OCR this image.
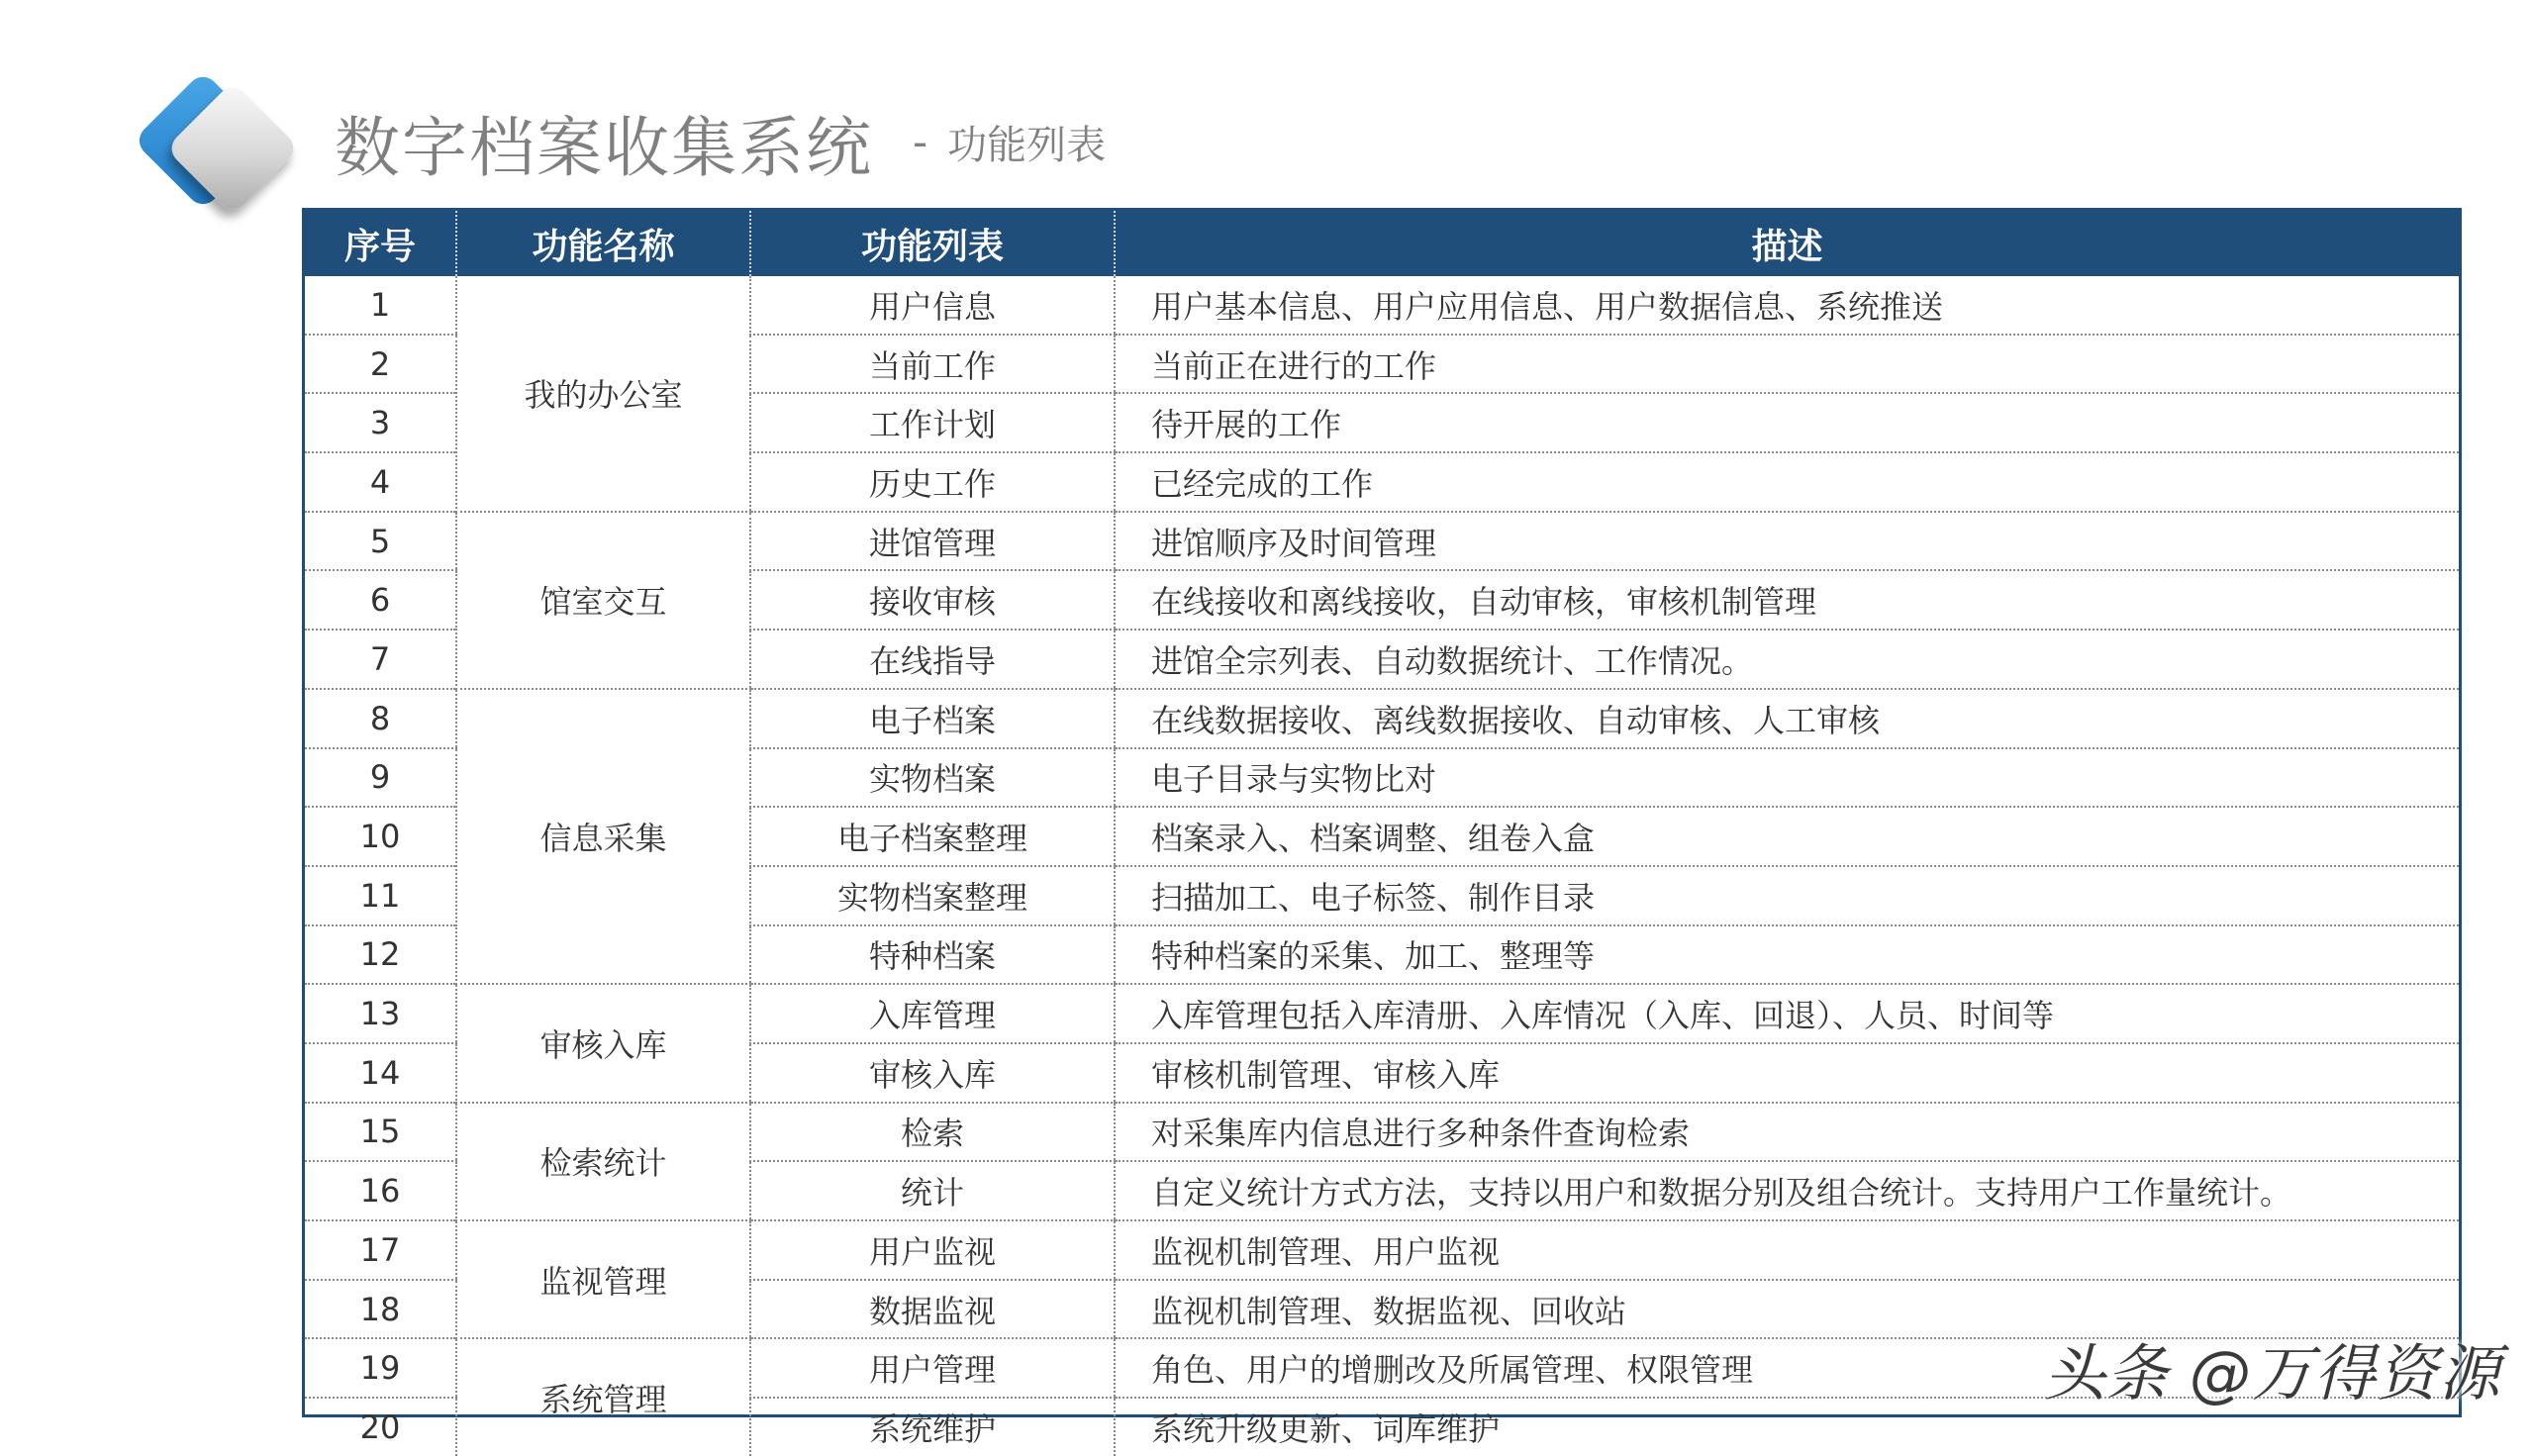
数字档案收集系统 - 功能列表
序号	功能名称	功能列表	描述
1	我的办公室	用户信息	用户基本信息、用户应用信息、用户数据信息、系统推送
2		当前工作	当前正在进行的工作
3		工作计划	待开展的工作
4		历史工作	已经完成的工作
5	馆室交互	进馆管理	进馆顺序及时间管理
6		接收审核	在线接收和离线接收，自动审核，审核机制管理
7		在线指导	进馆全宗列表、自动数据统计、工作情况。
8	信息采集	电子档案	在线数据接收、离线数据接收、自动审核、人工审核
9		实物档案	电子目录与实物比对
10		电子档案整理	档案录入、档案调整、组卷入盒
11		实物档案整理	扫描加工、电子标签、制作目录
12		特种档案	特种档案的采集、加工、整理等
13	审核入库	入库管理	入库管理包括入库清册、入库情况（入库、回退）、人员、时间等
14		审核入库	审核机制管理、审核入库
15	检索统计	检索	对采集库内信息进行多种条件查询检索
16		统计	自定义统计方式方法，支持以用户和数据分别及组合统计。支持用户工作量统计。
17	监视管理	用户监视	监视机制管理、用户监视
18		数据监视	监视机制管理、数据监视、回收站
19	系统管理	用户管理	角色、用户的增删改及所属管理、权限管理
20		系统维护	系统升级更新、词库维护
头条 @万得资源
